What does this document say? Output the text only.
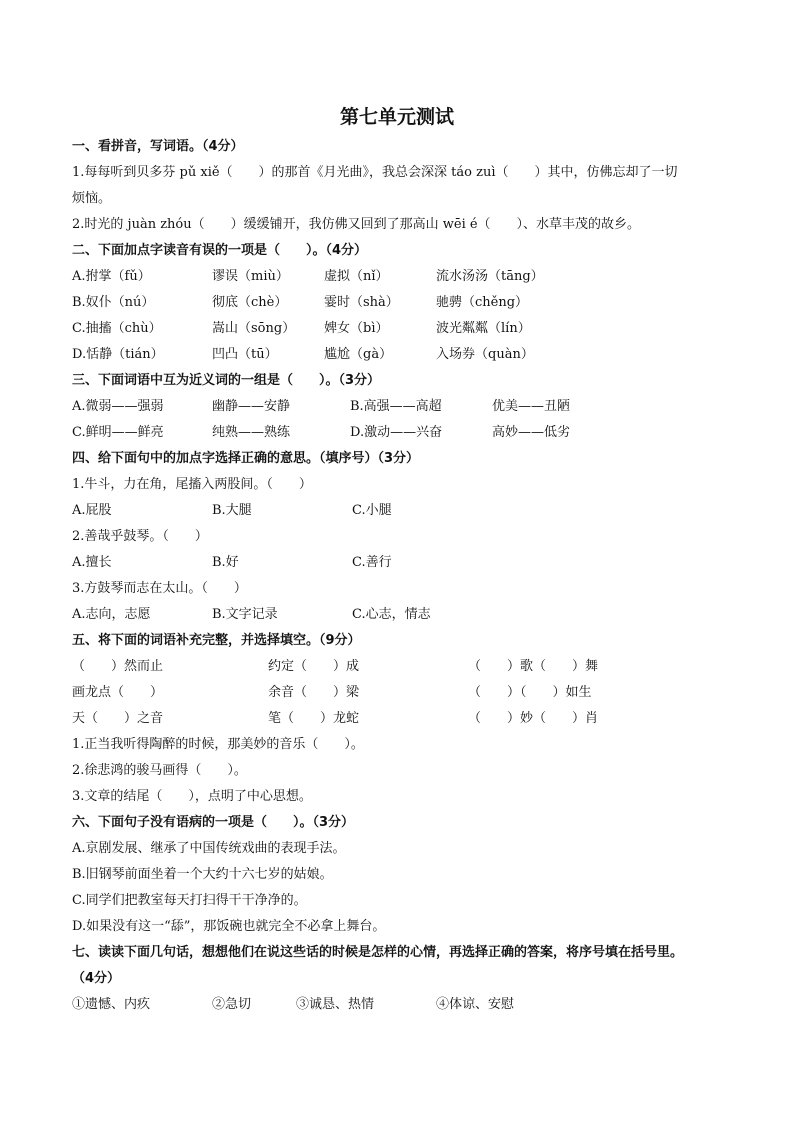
第七单元测试
一、看拼音，写词语。（4分）
1.每每听到贝多芬 pǔ xiě（　　）的那首《月光曲》，我总会深深 táo zuì（　　）其中，仿佛忘却了一切
烦恼。
2.时光的 juàn zhóu（　　）缓缓铺开，我仿佛又回到了那高山 wēi é（　　）、水草丰茂的故乡。
二、下面加点字读音有误的一项是（　　）。（4分）
A.拊掌（fǔ）	谬误（miù）	虚拟（nǐ）	流水汤汤（tāng）
B.奴仆（nú）	彻底（chè）	霎时（shà）	驰骋（chěng）
C.抽搐（chù）	嵩山（sōng）	婢女（bì）	波光粼粼（lín）
D.恬静（tián）	凹凸（tū）	尴尬（gà）	入场券（quàn）
三、下面词语中互为近义词的一组是（　　）。（3分）
A.微弱——强弱	幽静——安静	B.高强——高超	优美——丑陋
C.鲜明——鲜亮	纯熟——熟练	D.激动——兴奋	高妙——低劣
四、给下面句中的加点字选择正确的意思。（填序号）（3分）
1.牛斗，力在角，尾搐入两股间。（　　）
A.屁股	B.大腿	C.小腿
2.善哉乎鼓琴。（　　）
A.擅长	B.好	C.善行
3.方鼓琴而志在太山。（　　）
A.志向，志愿	B.文字记录	C.心志，情志
五、将下面的词语补充完整，并选择填空。（9分）
（　　）然而止	约定（　　）成	（　　）歌（　　）舞
画龙点（　　）	余音（　　）梁	（　　）（　　）如生
天（　　）之音	笔（　　）龙蛇	（　　）妙（　　）肖
1.正当我听得陶醉的时候，那美妙的音乐（　　）。
2.徐悲鸿的骏马画得（　　）。
3.文章的结尾（　　），点明了中心思想。
六、下面句子没有语病的一项是（　　）。（3分）
A.京剧发展、继承了中国传统戏曲的表现手法。
B.旧钢琴前面坐着一个大约十六七岁的姑娘。
C.同学们把教室每天打扫得干干净净的。
D.如果没有这一“舔”，那饭碗也就完全不必拿上舞台。
七、读读下面几句话，想想他们在说这些话的时候是怎样的心情，再选择正确的答案，将序号填在括号里。
（4分）
①遗憾、内疚	②急切	③诚恳、热情	④体谅、安慰
